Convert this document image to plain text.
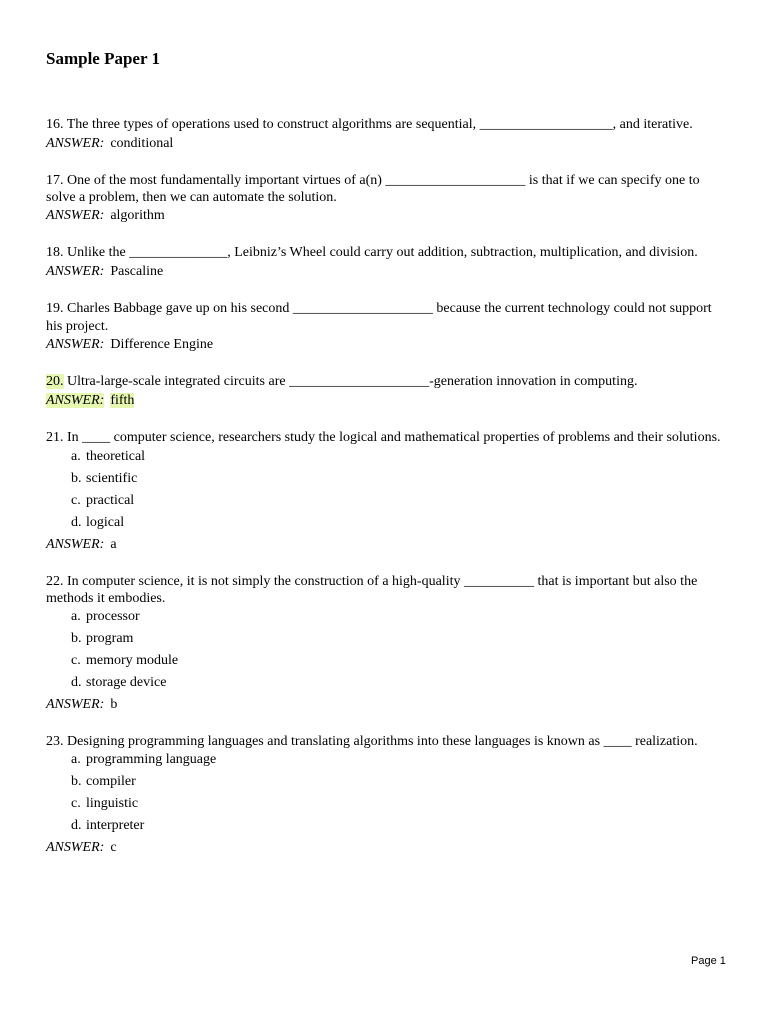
Sample Paper 1
16. The three types of operations used to construct algorithms are sequential, ___________________, and iterative.
ANSWER: conditional
17. One of the most fundamentally important virtues of a(n) ____________________ is that if we can specify one to
solve a problem, then we can automate the solution.
ANSWER: algorithm
18. Unlike the ______________, Leibniz’s Wheel could carry out addition, subtraction, multiplication, and division.
ANSWER: Pascaline
19. Charles Babbage gave up on his second ____________________ because the current technology could not support
his project.
ANSWER: Difference Engine
20. Ultra-large-scale integrated circuits are ____________________-generation innovation in computing.
ANSWER: fifth
21. In ____ computer science, researchers study the logical and mathematical properties of problems and their solutions.
a. theoretical
b. scientific
c. practical
d. logical
ANSWER: a
22. In computer science, it is not simply the construction of a high-quality __________ that is important but also the
methods it embodies.
a. processor
b. program
c. memory module
d. storage device
ANSWER: b
23. Designing programming languages and translating algorithms into these languages is known as ____ realization.
a. programming language
b. compiler
c. linguistic
d. interpreter
ANSWER: c
Page 1
